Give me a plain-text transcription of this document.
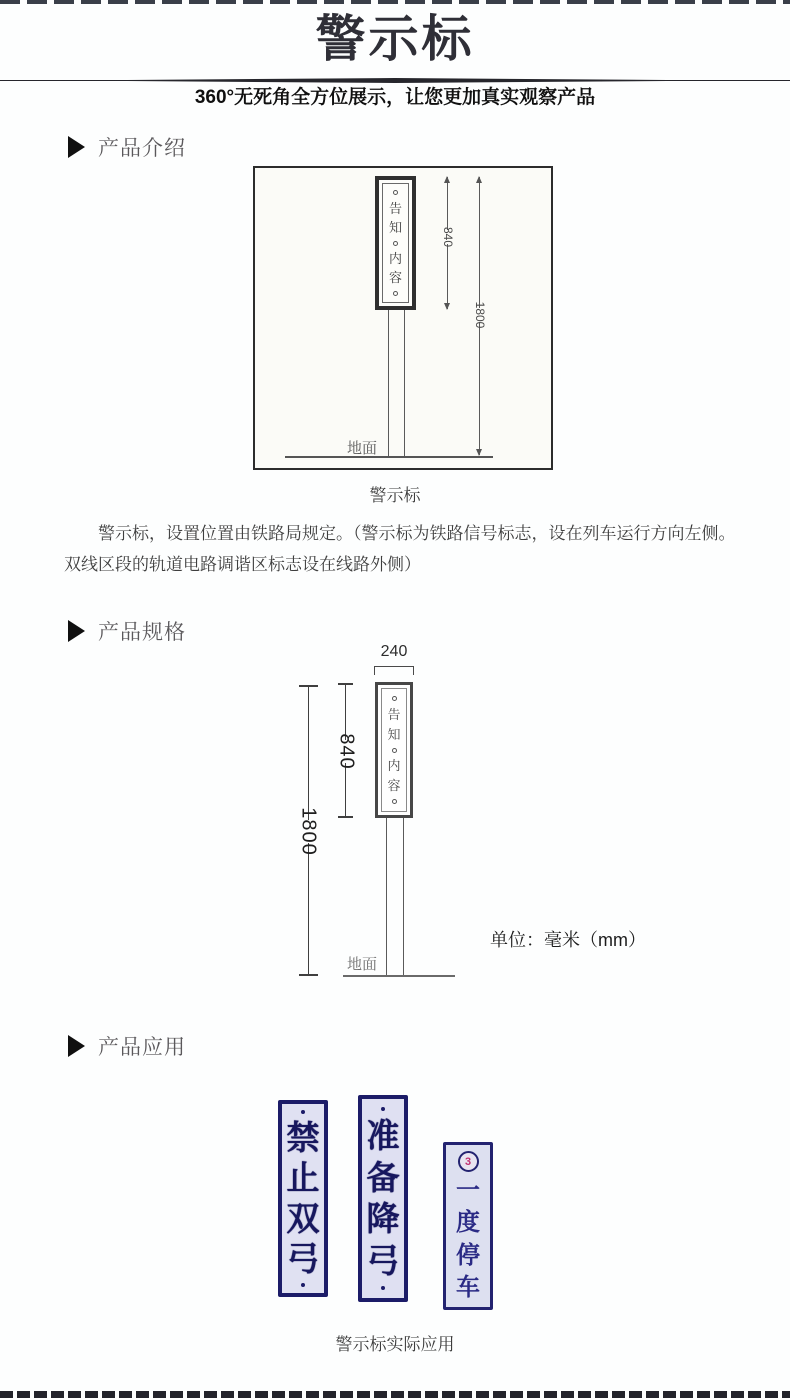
警示标
360°无死角全方位展示，让您更加真实观察产品
产品介绍
告
知
内
容
840
1800
地面
警示标
警示标，设置位置由铁路局规定。（警示标为铁路信号标志，设在列车运行方向左侧。双线区段的轨道电路调谐区标志设在线路外侧）
产品规格
240
告
知
内
容
840
1800
地面
单位：毫米（mm）
产品应用
禁
止
双
弓
准
备
降
弓
3
一
度
停
车
警示标实际应用
